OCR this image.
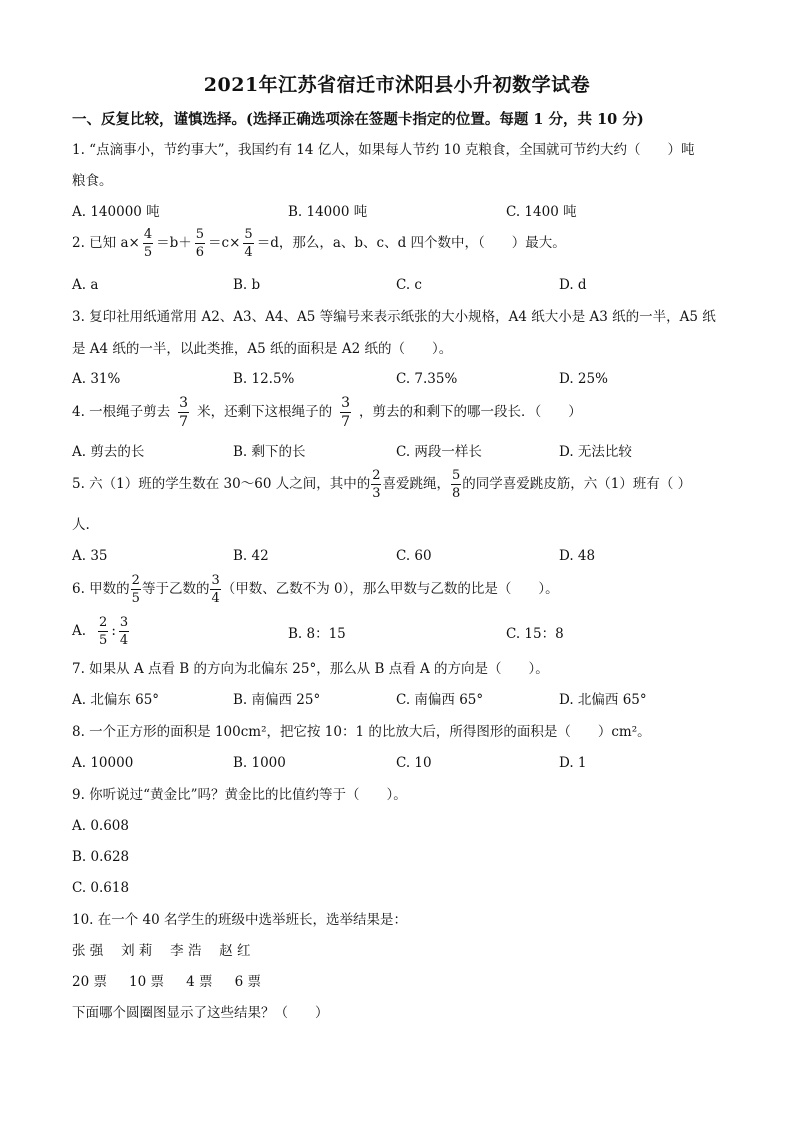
2021年江苏省宿迁市沭阳县小升初数学试卷
一、反复比较，谨慎选择。(选择正确选项涂在签题卡指定的位置。每题 1 分，共 10 分)
1. “点滴事小，节约事大”，我国约有 14 亿人，如果每人节约 10 克粮食，全国就可节约大约（　　）吨
粮食。
A. 140000 吨	B. 14000 吨	C. 1400 吨
2. 已知 $a\times \frac{4}{5} =b+ \frac{5}{6} =c\times \frac{5}{4} =d$，那么，a、b、c、d 四个数中，（　　）最大。
A. a	B. b	C. c	D. d
3. 复印社用纸通常用 A2、A3、A4、A5 等编号来表示纸张的大小规格，A4 纸大小是 A3 纸的一半，A5 纸
是 A4 纸的一半，以此类推，A5 纸的面积是 A2 纸的（　　）。
A. 31%	B. 12.5%	C. 7.35%	D. 25%
4. 一根绳子剪去 $\frac{3}{7}$ 米，还剩下这根绳子的 $\frac{3}{7}$ ，剪去的和剩下的哪一段长．（　　）
A. 剪去的长	B. 剩下的长	C. 两段一样长	D. 无法比较
5. 六（1）班的学生数在 30～60 人之间，其中的 $\frac{2}{3}$ 喜爱跳绳， $\frac{5}{8}$ 的同学喜爱跳皮筋，六（1）班有（ ）
人.
A. 35	B. 42	C. 60	D. 48
6. 甲数的 $\frac{2}{5}$ 等于乙数的 $\frac{3}{4}$ （甲数、乙数不为 0），那么甲数与乙数的比是（　　）。
A. $\frac{2}{5}$ : $\frac{3}{4}$	B. 8：15	C. 15：8
7. 如果从 A 点看 B 的方向为北偏东 25°，那么从 B 点看 A 的方向是（　　）。
A. 北偏东 65°	B. 南偏西 25°	C. 南偏西 65°	D. 北偏西 65°
8. 一个正方形的面积是 100cm²，把它按 10：1 的比放大后，所得图形的面积是（　　）cm²。
A. 10000	B. 1000	C. 10	D. 1
9. 你听说过“黄金比”吗？黄金比的比值约等于（　　）。
A. 0.608
B. 0.628
C. 0.618
10. 在一个 40 名学生的班级中选举班长，选举结果是：
张 强　 刘 莉　 李 浩　 赵 红
20 票　  10 票　  4 票　  6 票
下面哪个圆圈图显示了这些结果？（　　）
